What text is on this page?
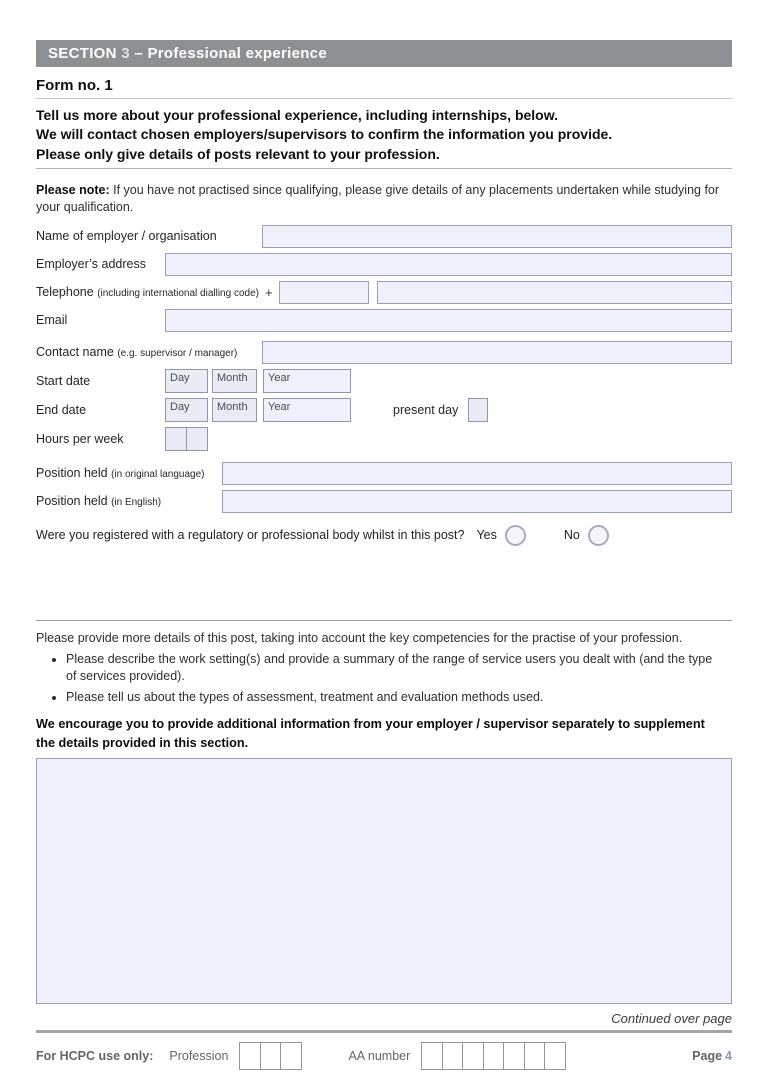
SECTION 3 – Professional experience
Form no. 1
Tell us more about your professional experience, including internships, below.
We will contact chosen employers/supervisors to confirm the information you provide.
Please only give details of posts relevant to your profession.

Please note: If you have not practised since qualifying, please give details of any placements undertaken while studying for your qualification.

Name of employer / organisation
Employer’s address
Telephone (including international dialling code) +
Email
Contact name (e.g. supervisor / manager)
Start date	Day	Month	Year
End date	Day	Month	Year	present day
Hours per week
Position held (in original language)
Position held (in English)
Were you registered with a regulatory or professional body whilst in this post? Yes	No

Please provide more details of this post, taking into account the key competencies for the practise of your profession.

• Please describe the work setting(s) and provide a summary of the range of service users you dealt with (and the type of services provided).
• Please tell us about the types of assessment, treatment and evaluation methods used.

We encourage you to provide additional information from your employer / supervisor separately to supplement the details provided in this section.

Continued over page
For HCPC use only: Profession	AA number	Page 4
